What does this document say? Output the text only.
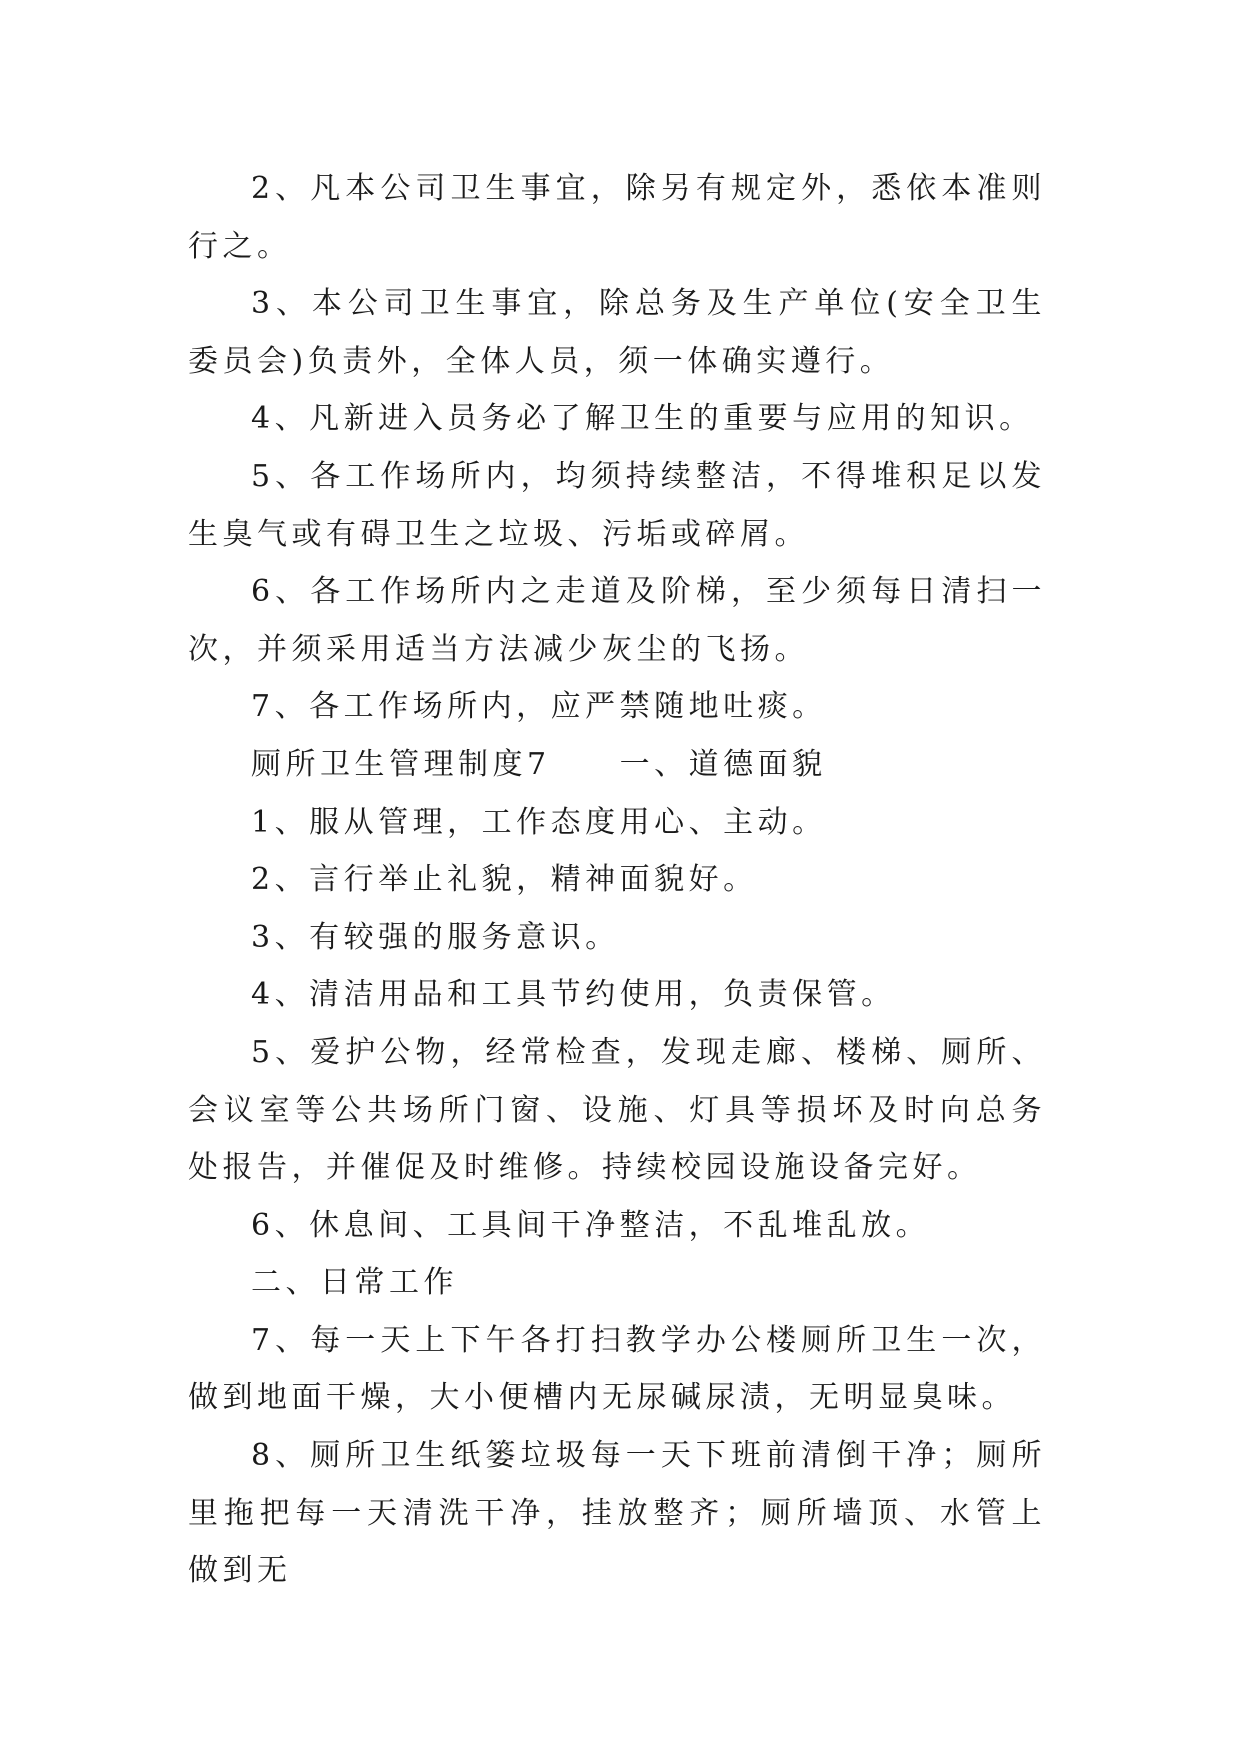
2、凡本公司卫生事宜，除另有规定外，悉依本准则行之。

3、本公司卫生事宜，除总务及生产单位(安全卫生委员会)负责外，全体人员，须一体确实遵行。

4、凡新进入员务必了解卫生的重要与应用的知识。

5、各工作场所内，均须持续整洁，不得堆积足以发生臭气或有碍卫生之垃圾、污垢或碎屑。

6、各工作场所内之走道及阶梯，至少须每日清扫一次，并须采用适当方法减少灰尘的飞扬。

7、各工作场所内，应严禁随地吐痰。

厕所卫生管理制度7　　一、道德面貌

1、服从管理，工作态度用心、主动。

2、言行举止礼貌，精神面貌好。

3、有较强的服务意识。

4、清洁用品和工具节约使用，负责保管。

5、爱护公物，经常检查，发现走廊、楼梯、厕所、会议室等公共场所门窗、设施、灯具等损坏及时向总务处报告，并催促及时维修。持续校园设施设备完好。

6、休息间、工具间干净整洁，不乱堆乱放。

二、日常工作

7、每一天上下午各打扫教学办公楼厕所卫生一次，做到地面干燥，大小便槽内无尿碱尿渍，无明显臭味。

8、厕所卫生纸篓垃圾每一天下班前清倒干净；厕所里拖把每一天清洗干净，挂放整齐；厕所墙顶、水管上做到无
